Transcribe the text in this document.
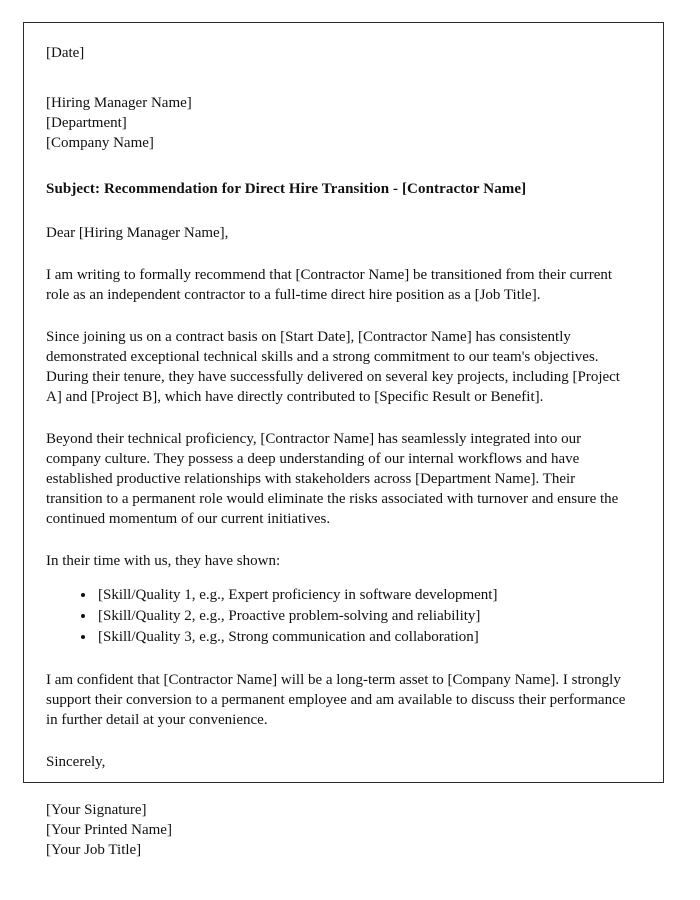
[Date]
[Hiring Manager Name]
[Department]
[Company Name]
Subject: Recommendation for Direct Hire Transition - [Contractor Name]
Dear [Hiring Manager Name],
I am writing to formally recommend that [Contractor Name] be transitioned from their current role as an independent contractor to a full-time direct hire position as a [Job Title].
Since joining us on a contract basis on [Start Date], [Contractor Name] has consistently demonstrated exceptional technical skills and a strong commitment to our team's objectives. During their tenure, they have successfully delivered on several key projects, including [Project A] and [Project B], which have directly contributed to [Specific Result or Benefit].
Beyond their technical proficiency, [Contractor Name] has seamlessly integrated into our company culture. They possess a deep understanding of our internal workflows and have established productive relationships with stakeholders across [Department Name]. Their transition to a permanent role would eliminate the risks associated with turnover and ensure the continued momentum of our current initiatives.
In their time with us, they have shown:
• [Skill/Quality 1, e.g., Expert proficiency in software development]
• [Skill/Quality 2, e.g., Proactive problem-solving and reliability]
• [Skill/Quality 3, e.g., Strong communication and collaboration]
I am confident that [Contractor Name] will be a long-term asset to [Company Name]. I strongly support their conversion to a permanent employee and am available to discuss their performance in further detail at your convenience.
Sincerely,
[Your Signature]
[Your Printed Name]
[Your Job Title]
